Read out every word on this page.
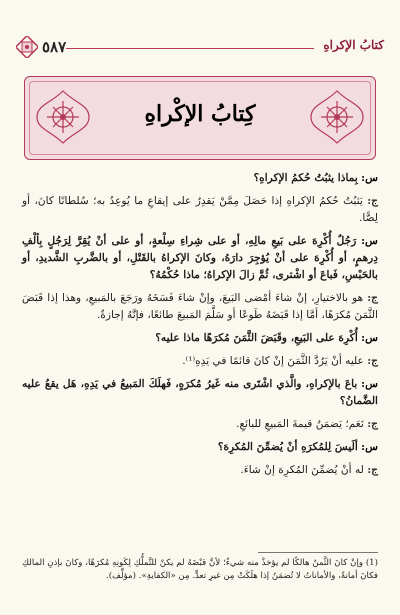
كتابُ الإكراهِ
٥٨٧
كِتابُ الإكْراهِ

س: بِماذا يثبُتُ حُكمُ الإكراهِ؟

ج: يَثبُتُ حُكمُ الإكراهِ إذا حَصَلَ مِمَّنْ يَقدِرُ على إيقاعِ ما يُوعِدُ به؛ سُلطانًا كانَ، أو لِصًّا.

س: رَجُلٌ أُكْرِهَ على بَيعِ مالِهِ، أو على شِراءِ سِلْعةٍ، أو على أنْ يُقِرَّ لِرَجُلٍ بِألْفِ دِرهمٍ، أو أُكْرِهَ على أنْ يُؤجِرَ دارَهُ، وكانَ الإكراهُ بالقَتْلِ، أو بالضَّربِ الشَّديدِ، أو بالحَبْسِ، فَباعَ أو اشْترى، ثُمَّ زالَ الإكراهُ؛ ماذا حُكْمُهُ؟

ج: هو بالاختيارِ، إنْ شاءَ أمْضى البَيعَ، وإنْ شاءَ فَسَخَهُ ورَجَعَ بالمَبيعِ، وهذا إذا قَبَضَ الثَّمَنَ مُكرَهًا، أمَّا إذا قَبَضَهُ طَوعًا أو سَلَّمَ المَبيعَ طائعًا، فإنَّهُ إجازةٌ.

س: أُكْرِهَ على البَيعِ، وقَبَضَ الثَّمَنَ مُكرَهًا ماذا عليه؟

ج: عليه أنْ يَرُدَّ الثَّمَنَ إنْ كانَ قائمًا في يَدِهِ⁽¹⁾.

س: باعَ بالإكراهِ، والَّذي اشْتَرى منه غَيرُ مُكرَهٍ، فَهلَكَ المَبيعُ في يَدِهِ، هَل يقعُ عليه الضَّمانُ؟

ج: نَعَم؛ يَضمَنُ قيمةَ المَبيعِ للبائعِ.

س: ألَيسَ لِلمُكرَهِ أنْ يُضمِّنَ المُكرِهَ؟

ج: له أنْ يُضمِّنَ المُكرِهَ إنْ شاءَ.

(1) وإنْ كانَ الثَّمنُ هالكًا لم يؤخذْ منه شيءٌ؛ لأنَّ قبْضَهُ لم يكنْ للتَّملُّكِ لِكَونِهِ مُكرَهًا، وكانَ بإذنِ المالكِ فكانَ أمانةً، والأماناتُ لا تُضمَنُ إذا هلَكَتْ مِن غيرِ تعدٍّ. مِن «الكفايةِ». (مؤلِّف).
